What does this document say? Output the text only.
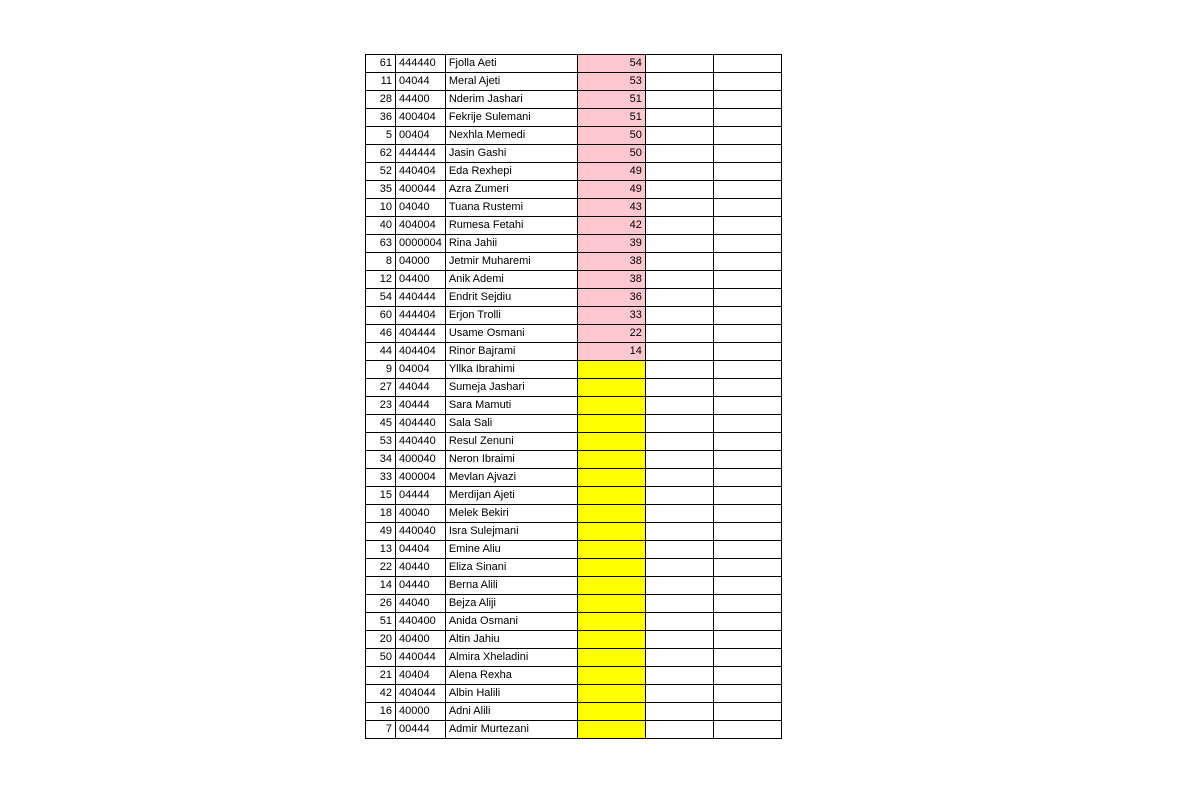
61	444440	Fjolla Aeti	54		
11	04044	Meral Ajeti	53		
28	44400	Nderim Jashari	51		
36	400404	Fekrije Sulemani	51		
5	00404	Nexhla Memedi	50		
62	444444	Jasin Gashi	50		
52	440404	Eda Rexhepi	49		
35	400044	Azra Zumeri	49		
10	04040	Tuana Rustemi	43		
40	404004	Rumesa Fetahi	42		
63	0000004	Rina Jahii	39		
8	04000	Jetmir Muharemi	38		
12	04400	Anik Ademi	38		
54	440444	Endrit Sejdiu	36		
60	444404	Erjon Trolli	33		
46	404444	Usame Osmani	22		
44	404404	Rinor Bajrami	14		
9	04004	Yllka Ibrahimi			
27	44044	Sumeja Jashari			
23	40444	Sara Mamuti			
45	404440	Sala Sali			
53	440440	Resul Zenuni			
34	400040	Neron Ibraimi			
33	400004	Mevlan Ajvazi			
15	04444	Merdijan Ajeti			
18	40040	Melek Bekiri			
49	440040	Isra Sulejmani			
13	04404	Emine Aliu			
22	40440	Eliza Sinani			
14	04440	Berna Alili			
26	44040	Bejza Aliji			
51	440400	Anida Osmani			
20	40400	Altin Jahiu			
50	440044	Almira Xheladini			
21	40404	Alena Rexha			
42	404044	Albin Halili			
16	40000	Adni Alili			
7	00444	Admir Murtezani			
